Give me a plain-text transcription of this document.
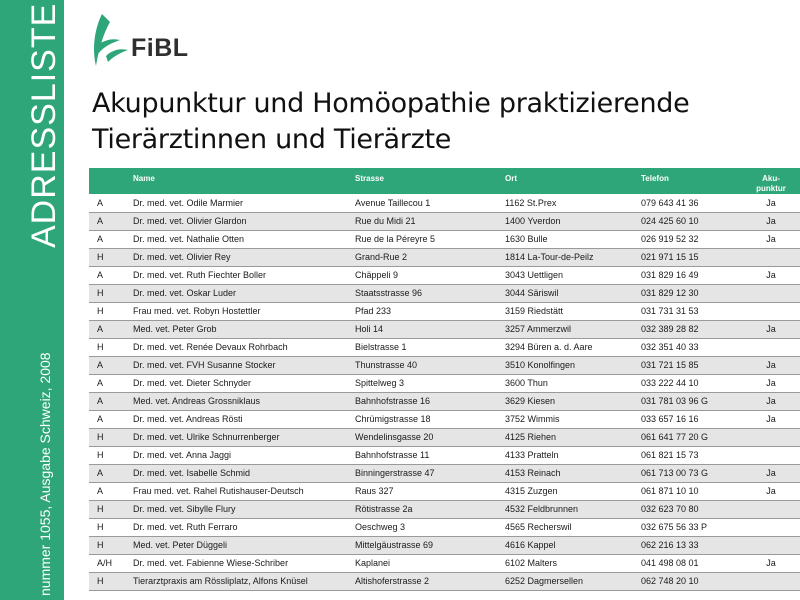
ADRESSLISTE
nummer 1055, Ausgabe Schweiz, 2008
FiBL
Akupunktur und Homöopathie praktizierende
Tierärztinnen und Tierärzte
	Name	Strasse	Ort	Telefon	Aku-
punktur	
A	Dr. med. vet. Odile Marmier	Avenue Taillecou 1	1162 St.Prex	079 643 41 36	Ja	
A	Dr. med. vet. Olivier Glardon	Rue du Midi 21	1400 Yverdon	024 425 60 10	Ja	
A	Dr. med. vet. Nathalie Otten	Rue de la Péreyre 5	1630 Bulle	026 919 52 32	Ja	
H	Dr. med. vet. Olivier Rey	Grand-Rue 2	1814 La-Tour-de-Peilz	021 971 15 15		
A	Dr. med. vet. Ruth Fiechter Boller	Chäppeli 9	3043 Uettligen	031 829 16 49	Ja	
H	Dr. med. vet. Oskar Luder	Staatsstrasse 96	3044 Säriswil	031 829 12 30		
H	Frau med. vet. Robyn Hostettler	Pfad 233	3159 Riedstätt	031 731 31 53		
A	Med. vet. Peter Grob	Holi 14	3257 Ammerzwil	032 389 28 82	Ja	
H	Dr. med. vet. Renée Devaux Rohrbach	Bielstrasse 1	3294 Büren a. d. Aare	032 351 40 33		
A	Dr. med. vet. FVH Susanne Stocker	Thunstrasse 40	3510 Konolfingen	031 721 15 85	Ja	
A	Dr. med. vet. Dieter Schnyder	Spittelweg 3	3600 Thun	033 222 44 10	Ja	
A	Med. vet. Andreas Grossniklaus	Bahnhofstrasse 16	3629 Kiesen	031 781 03 96 G	Ja	
A	Dr. med. vet. Andreas Rösti	Chrümigstrasse 18	3752 Wimmis	033 657 16 16	Ja	
H	Dr. med. vet. Ulrike Schnurrenberger	Wendelinsgasse 20	4125 Riehen	061 641 77 20 G		
H	Dr. med. vet. Anna Jaggi	Bahnhofstrasse 11	4133 Pratteln	061 821 15 73		
A	Dr. med. vet. Isabelle Schmid	Binningerstrasse 47	4153 Reinach	061 713 00 73 G	Ja	
A	Frau med. vet. Rahel Rutishauser-Deutsch	Raus 327	4315 Zuzgen	061 871 10 10	Ja	
H	Dr. med. vet. Sibylle Flury	Rötistrasse 2a	4532 Feldbrunnen	032 623 70 80		
H	Dr. med. vet. Ruth Ferraro	Oeschweg 3	4565 Recherswil	032 675 56 33 P		
H	Med. vet. Peter Düggeli	Mittelgäustrasse 69	4616 Kappel	062 216 13 33		
A/H	Dr. med. vet. Fabienne Wiese-Schriber	Kaplanei	6102 Malters	041 498 08 01	Ja	
H	Tierarztpraxis am Rössliplatz, Alfons Knüsel	Altishoferstrasse 2	6252 Dagmersellen	062 748 20 10		
